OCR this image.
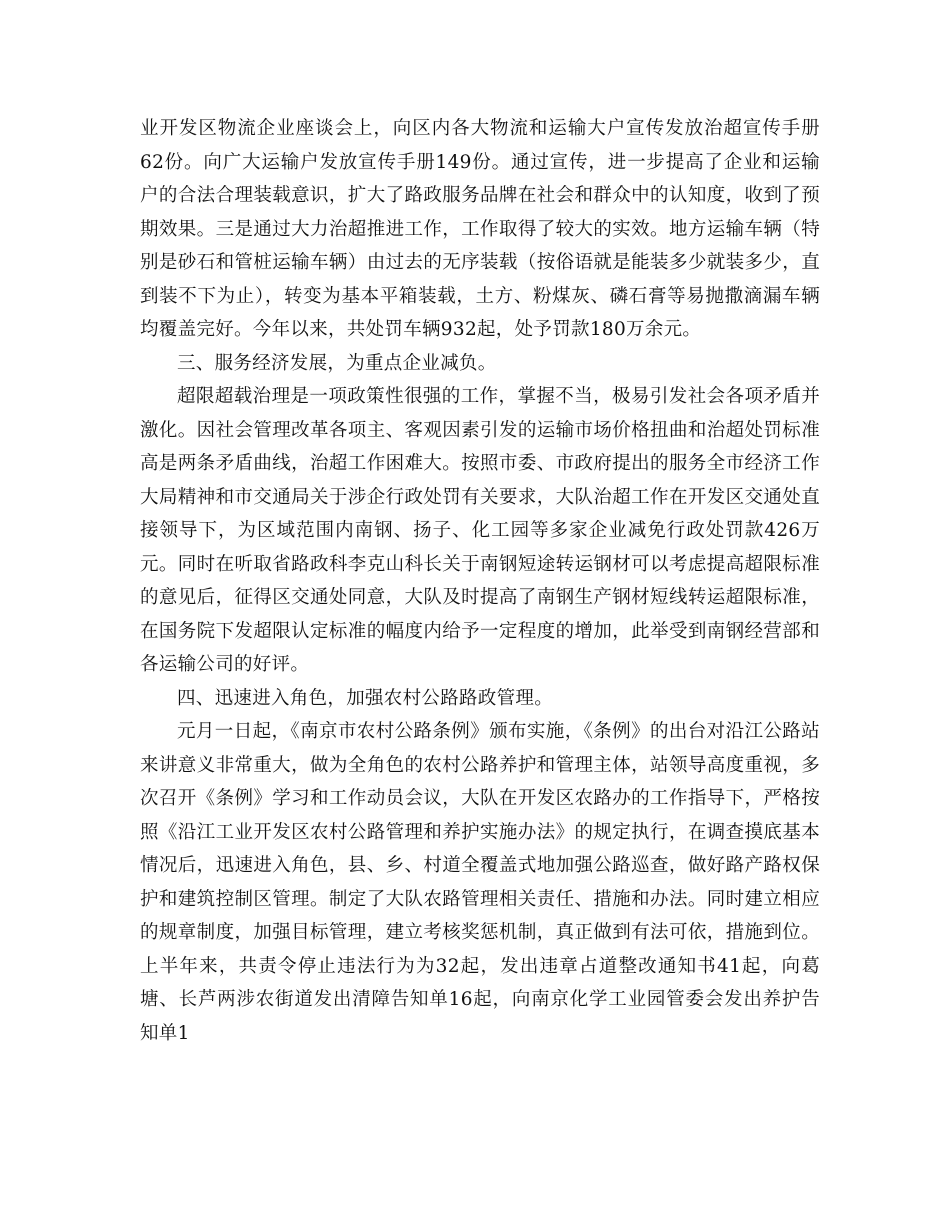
业开发区物流企业座谈会上，向区内各大物流和运输大户宣传发放治超宣传手册62份。向广大运输户发放宣传手册149份。通过宣传，进一步提高了企业和运输户的合法合理装载意识，扩大了路政服务品牌在社会和群众中的认知度，收到了预期效果。三是通过大力治超推进工作，工作取得了较大的实效。地方运输车辆（特别是砂石和管桩运输车辆）由过去的无序装载（按俗语就是能装多少就装多少，直到装不下为止），转变为基本平箱装载，土方、粉煤灰、磷石膏等易抛撒滴漏车辆均覆盖完好。今年以来，共处罚车辆932起，处予罚款180万余元。

三、服务经济发展，为重点企业减负。

超限超载治理是一项政策性很强的工作，掌握不当，极易引发社会各项矛盾并激化。因社会管理改革各项主、客观因素引发的运输市场价格扭曲和治超处罚标准高是两条矛盾曲线，治超工作困难大。按照市委、市政府提出的服务全市经济工作大局精神和市交通局关于涉企行政处罚有关要求，大队治超工作在开发区交通处直接领导下，为区域范围内南钢、扬子、化工园等多家企业减免行政处罚款426万元。同时在听取省路政科李克山科长关于南钢短途转运钢材可以考虑提高超限标准的意见后，征得区交通处同意，大队及时提高了南钢生产钢材短线转运超限标准，在国务院下发超限认定标准的幅度内给予一定程度的增加，此举受到南钢经营部和各运输公司的好评。

四、迅速进入角色，加强农村公路路政管理。

元月一日起，《南京市农村公路条例》颁布实施，《条例》的出台对沿江公路站来讲意义非常重大，做为全角色的农村公路养护和管理主体，站领导高度重视，多次召开《条例》学习和工作动员会议，大队在开发区农路办的工作指导下，严格按照《沿江工业开发区农村公路管理和养护实施办法》的规定执行，在调查摸底基本情况后，迅速进入角色，县、乡、村道全覆盖式地加强公路巡查，做好路产路权保护和建筑控制区管理。制定了大队农路管理相关责任、措施和办法。同时建立相应的规章制度，加强目标管理，建立考核奖惩机制，真正做到有法可依，措施到位。上半年来，共责令停止违法行为为32起，发出违章占道整改通知书41起，向葛塘、长芦两涉农街道发出清障告知单16起，向南京化学工业园管委会发出养护告知单1
